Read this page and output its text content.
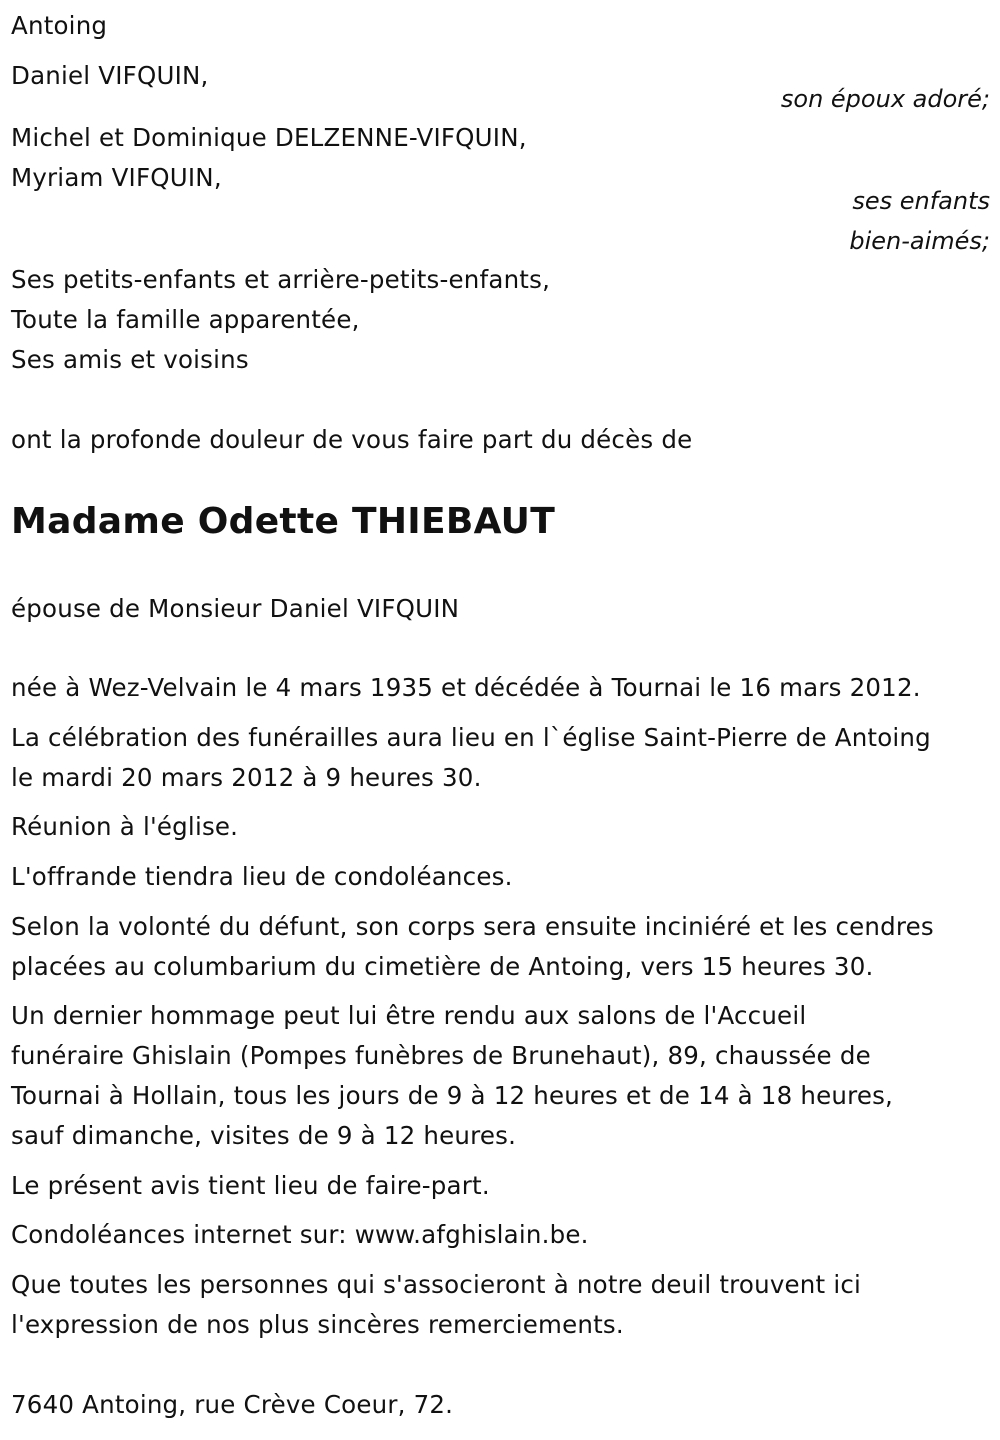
Antoing
Daniel VIFQUIN,
son époux adoré;
Michel et Dominique DELZENNE-VIFQUIN,
Myriam VIFQUIN,
ses enfants
bien-aimés;
Ses petits-enfants et arrière-petits-enfants,
Toute la famille apparentée,
Ses amis et voisins
ont la profonde douleur de vous faire part du décès de
Madame Odette THIEBAUT
épouse de Monsieur Daniel VIFQUIN
née à Wez-Velvain le 4 mars 1935 et décédée à Tournai le 16 mars 2012.
La célébration des funérailles aura lieu en l`église Saint-Pierre de Antoing
le mardi 20 mars 2012 à 9 heures 30.
Réunion à l'église.
L'offrande tiendra lieu de condoléances.
Selon la volonté du défunt, son corps sera ensuite inciniéré et les cendres
placées au columbarium du cimetière de Antoing, vers 15 heures 30.
Un dernier hommage peut lui être rendu aux salons de l'Accueil
funéraire Ghislain (Pompes funèbres de Brunehaut), 89, chaussée de
Tournai à Hollain, tous les jours de 9 à 12 heures et de 14 à 18 heures,
sauf dimanche, visites de 9 à 12 heures.
Le présent avis tient lieu de faire-part.
Condoléances internet sur: www.afghislain.be.
Que toutes les personnes qui s'associeront à notre deuil trouvent ici
l'expression de nos plus sincères remerciements.
7640 Antoing, rue Crève Coeur, 72.
